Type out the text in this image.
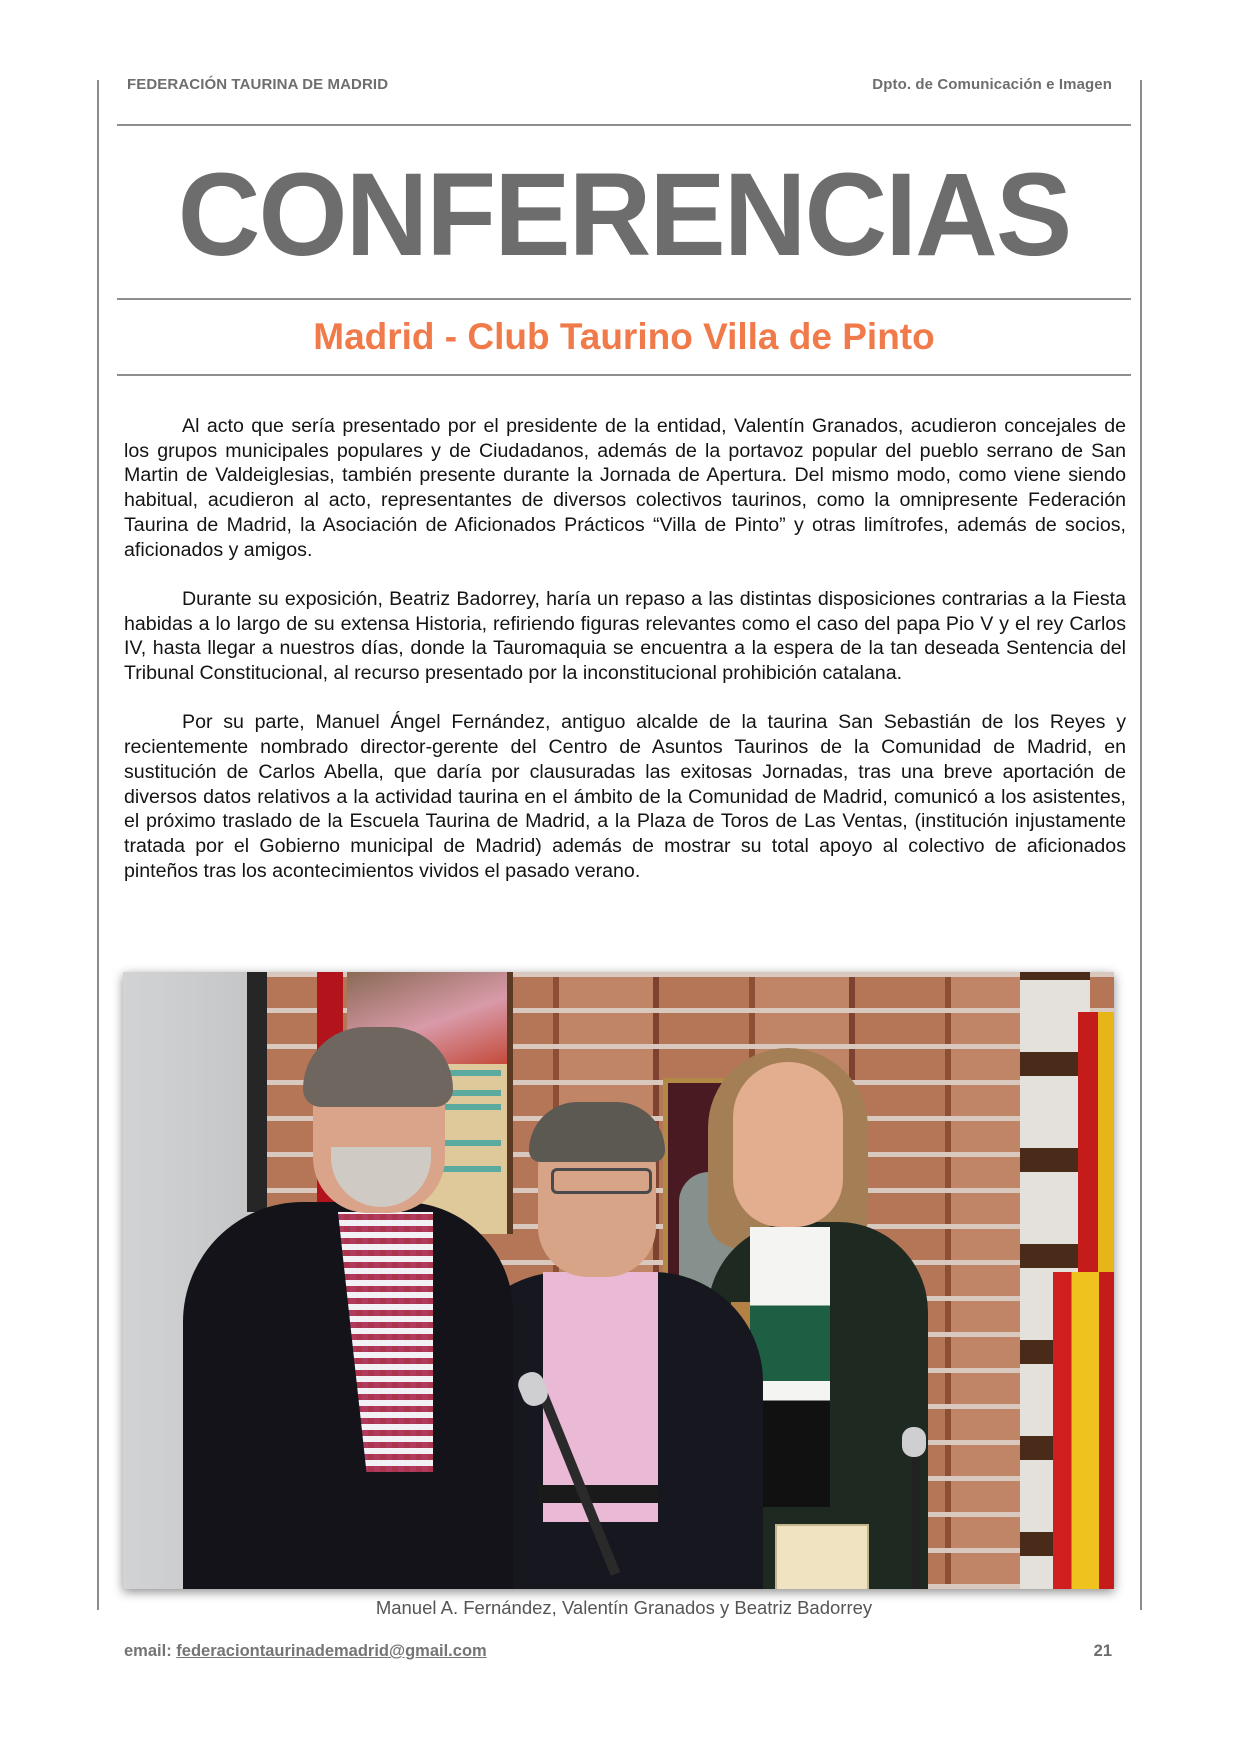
FEDERACIÓN TAURINA DE MADRID	Dpto. de Comunicación e Imagen
CONFERENCIAS
Madrid - Club Taurino Villa de Pinto

Al acto que sería presentado por el presidente de la entidad, Valentín Granados, acudieron concejales de los grupos municipales populares y de Ciudadanos, además de la portavoz popular del pueblo serrano de San Martin de Valdeiglesias, también presente durante la Jornada de Apertura. Del mismo modo, como viene siendo habitual, acudieron al acto, representantes de diversos colectivos taurinos, como la omnipresente Federación Taurina de Madrid, la Asociación de Aficionados Prácticos “Villa de Pinto” y otras limítrofes, además de socios, aficionados y amigos.

Durante su exposición, Beatriz Badorrey, haría un repaso a las distintas disposiciones contrarias a la Fiesta habidas a lo largo de su extensa Historia, refiriendo figuras relevantes como el caso del papa Pio V y el rey Carlos IV, hasta llegar a nuestros días, donde la Tauromaquia se encuentra a la espera de la tan deseada Sentencia del Tribunal Constitucional, al recurso presentado por la inconstitucional prohibición catalana.

Por su parte, Manuel Ángel Fernández, antiguo alcalde de la taurina San Sebastián de los Reyes y recientemente nombrado director-gerente del Centro de Asuntos Taurinos de la Comunidad de Madrid, en sustitución de Carlos Abella, que daría por clausuradas las exitosas Jornadas, tras una breve aportación de diversos datos relativos a la actividad taurina en el ámbito de la Comunidad de Madrid, comunicó a los asistentes, el próximo traslado de la Escuela Taurina de Madrid, a la Plaza de Toros de Las Ventas, (institución injustamente tratada por el Gobierno municipal de Madrid) además de mostrar su total apoyo al colectivo de aficionados pinteños tras los acontecimientos vividos el pasado verano.

Manuel A. Fernández, Valentín Granados y Beatriz Badorrey
email: federaciontaurinademadrid@gmail.com	21
